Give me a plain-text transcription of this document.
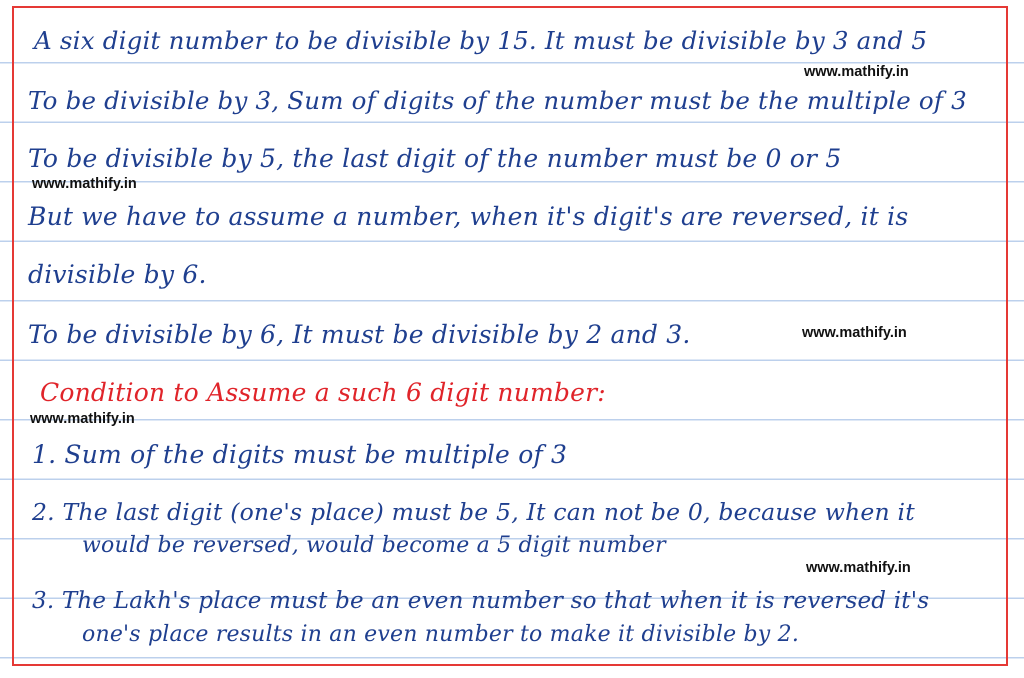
A six digit number to be divisible by 15. It must be divisible by 3 and 5
To be divisible by 3, Sum of digits of the number must be the multiple of 3
To be divisible by 5, the last digit of the number must be 0 or 5
But we have to assume a number, when it's digit's are reversed, it is
divisible by 6.
To be divisible by 6, It must be divisible by 2 and 3.
Condition to Assume a such 6 digit number:
1. Sum of the digits must be multiple of 3
2. The last digit (one's place) must be 5, It can not be 0, because when it
would be reversed, would become a 5 digit number
3. The Lakh's place must be an even number so that when it is reversed it's
one's place results in an even number to make it divisible by 2.
www.mathify.in
www.mathify.in
www.mathify.in
www.mathify.in
www.mathify.in
